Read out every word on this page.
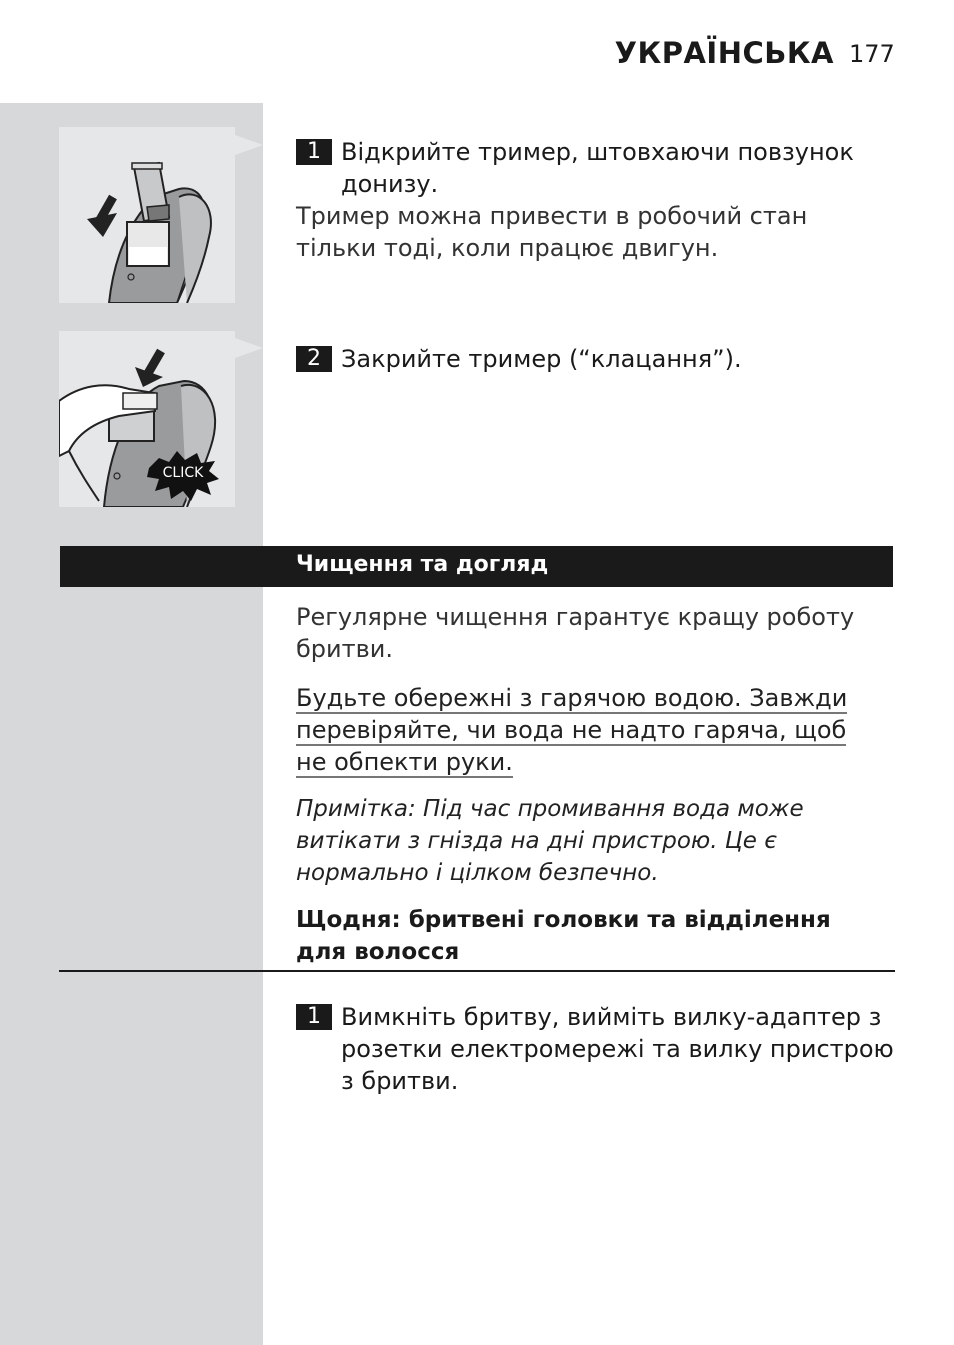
УКРАЇНСЬКА 177
CLICK
1 Відкрийте тример, штовхаючи повзунок донизу.
Тример можна привести в робочий стан тільки тоді, коли працює двигун.
2 Закрийте тример (“клацання”).
Чищення та догляд
Регулярне чищення гарантує кращу роботу бритви.
Будьте обережні з гарячою водою. Завжди перевіряйте, чи вода не надто гаряча, щоб не обпекти руки.
Примітка: Під час промивання вода може витікати з гнізда на дні пристрою. Це є нормально і цілком безпечно.
Щодня: бритвені головки та відділення для волосся
1 Вимкніть бритву, вийміть вилку-адаптер з розетки електромережі та вилку пристрою з бритви.
